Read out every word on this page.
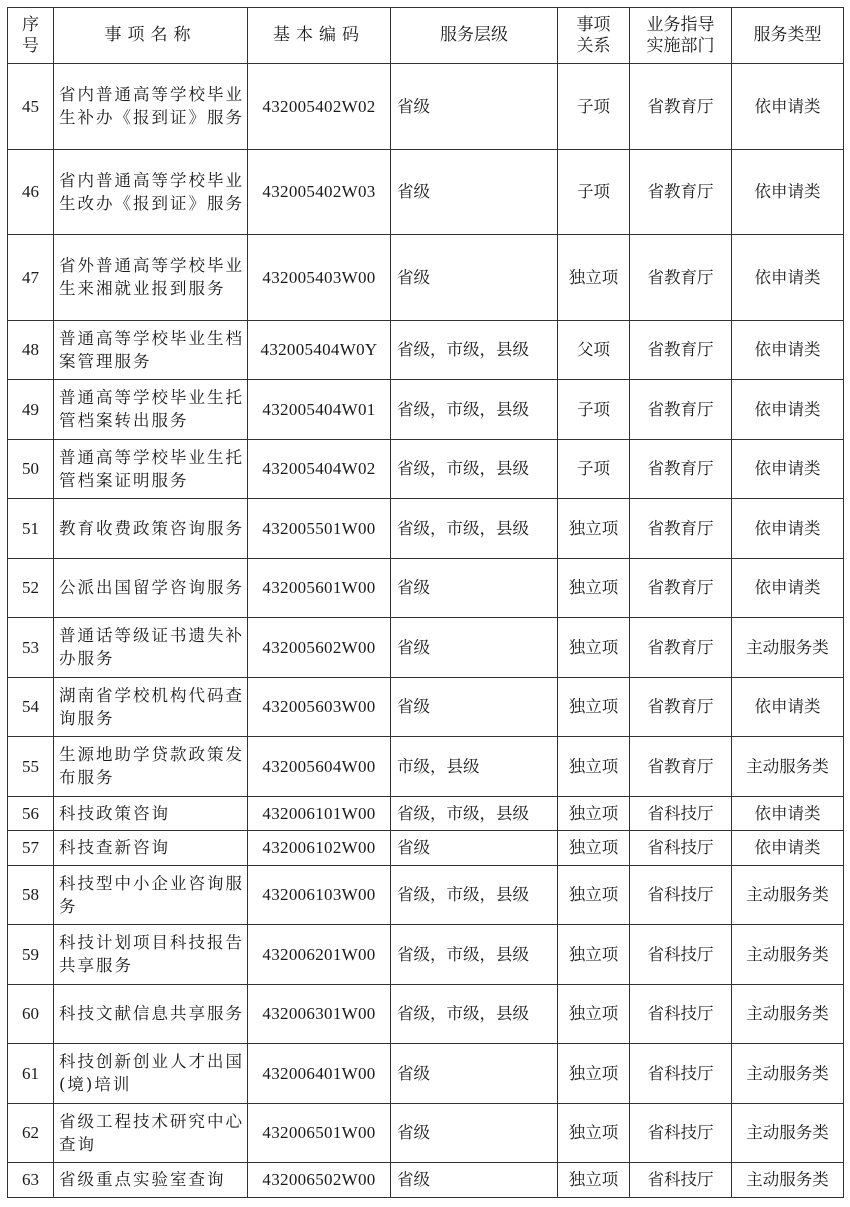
序号	事项名称	基本编码	服务层级	事项关系	业务指导实施部门	服务类型
45	省内普通高等学校毕业生补办《报到证》服务	432005402W02	省级	子项	省教育厅	依申请类
46	省内普通高等学校毕业生改办《报到证》服务	432005402W03	省级	子项	省教育厅	依申请类
47	省外普通高等学校毕业生来湘就业报到服务	432005403W00	省级	独立项	省教育厅	依申请类
48	普通高等学校毕业生档案管理服务	432005404W0Y	省级，市级，县级	父项	省教育厅	依申请类
49	普通高等学校毕业生托管档案转出服务	432005404W01	省级，市级，县级	子项	省教育厅	依申请类
50	普通高等学校毕业生托管档案证明服务	432005404W02	省级，市级，县级	子项	省教育厅	依申请类
51	教育收费政策咨询服务	432005501W00	省级，市级，县级	独立项	省教育厅	依申请类
52	公派出国留学咨询服务	432005601W00	省级	独立项	省教育厅	依申请类
53	普通话等级证书遗失补办服务	432005602W00	省级	独立项	省教育厅	主动服务类
54	湖南省学校机构代码查询服务	432005603W00	省级	独立项	省教育厅	依申请类
55	生源地助学贷款政策发布服务	432005604W00	市级，县级	独立项	省教育厅	主动服务类
56	科技政策咨询	432006101W00	省级，市级，县级	独立项	省科技厅	依申请类
57	科技查新咨询	432006102W00	省级	独立项	省科技厅	依申请类
58	科技型中小企业咨询服务	432006103W00	省级，市级，县级	独立项	省科技厅	主动服务类
59	科技计划项目科技报告共享服务	432006201W00	省级，市级，县级	独立项	省科技厅	主动服务类
60	科技文献信息共享服务	432006301W00	省级，市级，县级	独立项	省科技厅	主动服务类
61	科技创新创业人才出国(境)培训	432006401W00	省级	独立项	省科技厅	主动服务类
62	省级工程技术研究中心查询	432006501W00	省级	独立项	省科技厅	主动服务类
63	省级重点实验室查询	432006502W00	省级	独立项	省科技厅	主动服务类
